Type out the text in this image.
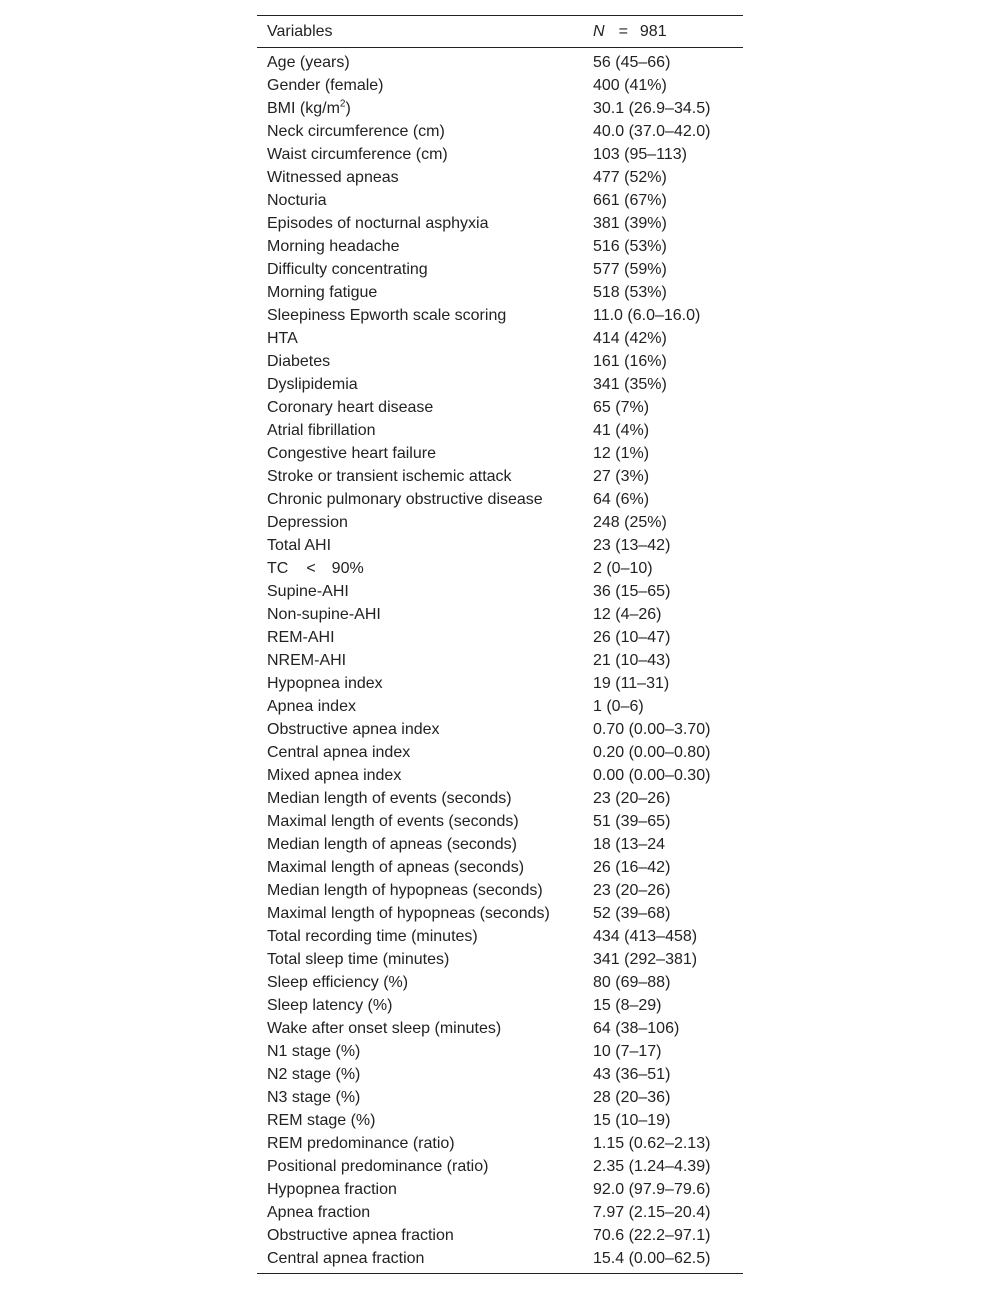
Variables	N = 981
Age (years)	56 (45–66)
Gender (female)	400 (41%)
BMI $(kg/m^2)$	30.1 (26.9–34.5)
Neck circumference (cm)	40.0 (37.0–42.0)
Waist circumference (cm)	103 (95–113)
Witnessed apneas	477 (52%)
Nocturia	661 (67%)
Episodes of nocturnal asphyxia	381 (39%)
Morning headache	516 (53%)
Difficulty concentrating	577 (59%)
Morning fatigue	518 (53%)
Sleepiness Epworth scale scoring	11.0 (6.0–16.0)
HTA	414 (42%)
Diabetes	161 (16%)
Dyslipidemia	341 (35%)
Coronary heart disease	65 (7%)
Atrial fibrillation	41 (4%)
Congestive heart failure	12 (1%)
Stroke or transient ischemic attack	27 (3%)
Chronic pulmonary obstructive disease	64 (6%)
Depression	248 (25%)
Total AHI	23 (13–42)
TC < 90%	2 (0–10)
Supine-AHI	36 (15–65)
Non-supine-AHI	12 (4–26)
REM-AHI	26 (10–47)
NREM-AHI	21 (10–43)
Hypopnea index	19 (11–31)
Apnea index	1 (0–6)
Obstructive apnea index	0.70 (0.00–3.70)
Central apnea index	0.20 (0.00–0.80)
Mixed apnea index	0.00 (0.00–0.30)
Median length of events (seconds)	23 (20–26)
Maximal length of events (seconds)	51 (39–65)
Median length of apneas (seconds)	18 (13–24
Maximal length of apneas (seconds)	26 (16–42)
Median length of hypopneas (seconds)	23 (20–26)
Maximal length of hypopneas (seconds)	52 (39–68)
Total recording time (minutes)	434 (413–458)
Total sleep time (minutes)	341 (292–381)
Sleep efficiency (%)	80 (69–88)
Sleep latency (%)	15 (8–29)
Wake after onset sleep (minutes)	64 (38–106)
N1 stage (%)	10 (7–17)
N2 stage (%)	43 (36–51)
N3 stage (%)	28 (20–36)
REM stage (%)	15 (10–19)
REM predominance (ratio)	1.15 (0.62–2.13)
Positional predominance (ratio)	2.35 (1.24–4.39)
Hypopnea fraction	92.0 (97.9–79.6)
Apnea fraction	7.97 (2.15–20.4)
Obstructive apnea fraction	70.6 (22.2–97.1)
Central apnea fraction	15.4 (0.00–62.5)
